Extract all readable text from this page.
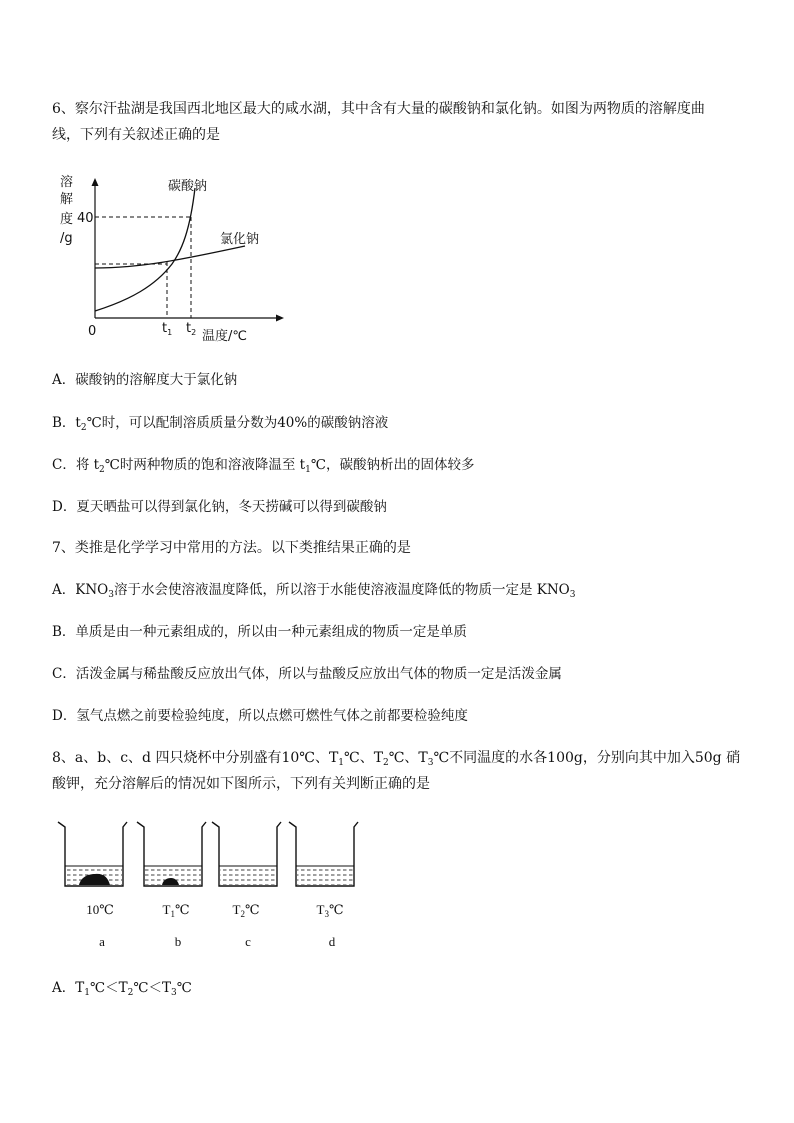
6、察尔汗盐湖是我国西北地区最大的咸水湖，其中含有大量的碳酸钠和氯化钠。如图为两物质的溶解度曲
线，下列有关叙述正确的是
溶
解
度
/g
40
碳酸钠
氯化钠
0	$t_1$ $t_2$ 温度/℃
A．碳酸钠的溶解度大于氯化钠
B．$t_2℃$时，可以配制溶质质量分数为40%的碳酸钠溶液
C．将 $t_2℃$时两种物质的饱和溶液降温至 $t_1℃$，碳酸钠析出的固体较多
D．夏天晒盐可以得到氯化钠，冬天捞碱可以得到碳酸钠
7、类推是化学学习中常用的方法。以下类推结果正确的是
A．$KNO_3$溶于水会使溶液温度降低，所以溶于水能使溶液温度降低的物质一定是 $KNO_3$
B．单质是由一种元素组成的，所以由一种元素组成的物质一定是单质
C．活泼金属与稀盐酸反应放出气体，所以与盐酸反应放出气体的物质一定是活泼金属
D．氢气点燃之前要检验纯度，所以点燃可燃性气体之前都要检验纯度
8、a、b、c、d 四只烧杯中分别盛有10℃、$T_1℃$、$T_2℃$、$T_3℃$不同温度的水各100g，分别向其中加入50g 硝
酸钾，充分溶解后的情况如下图所示，下列有关判断正确的是
10℃	$T_1℃$	$T_2℃$	$T_3℃$
a	b	c	d
A．$T_1℃<T_2℃<T_3℃$
